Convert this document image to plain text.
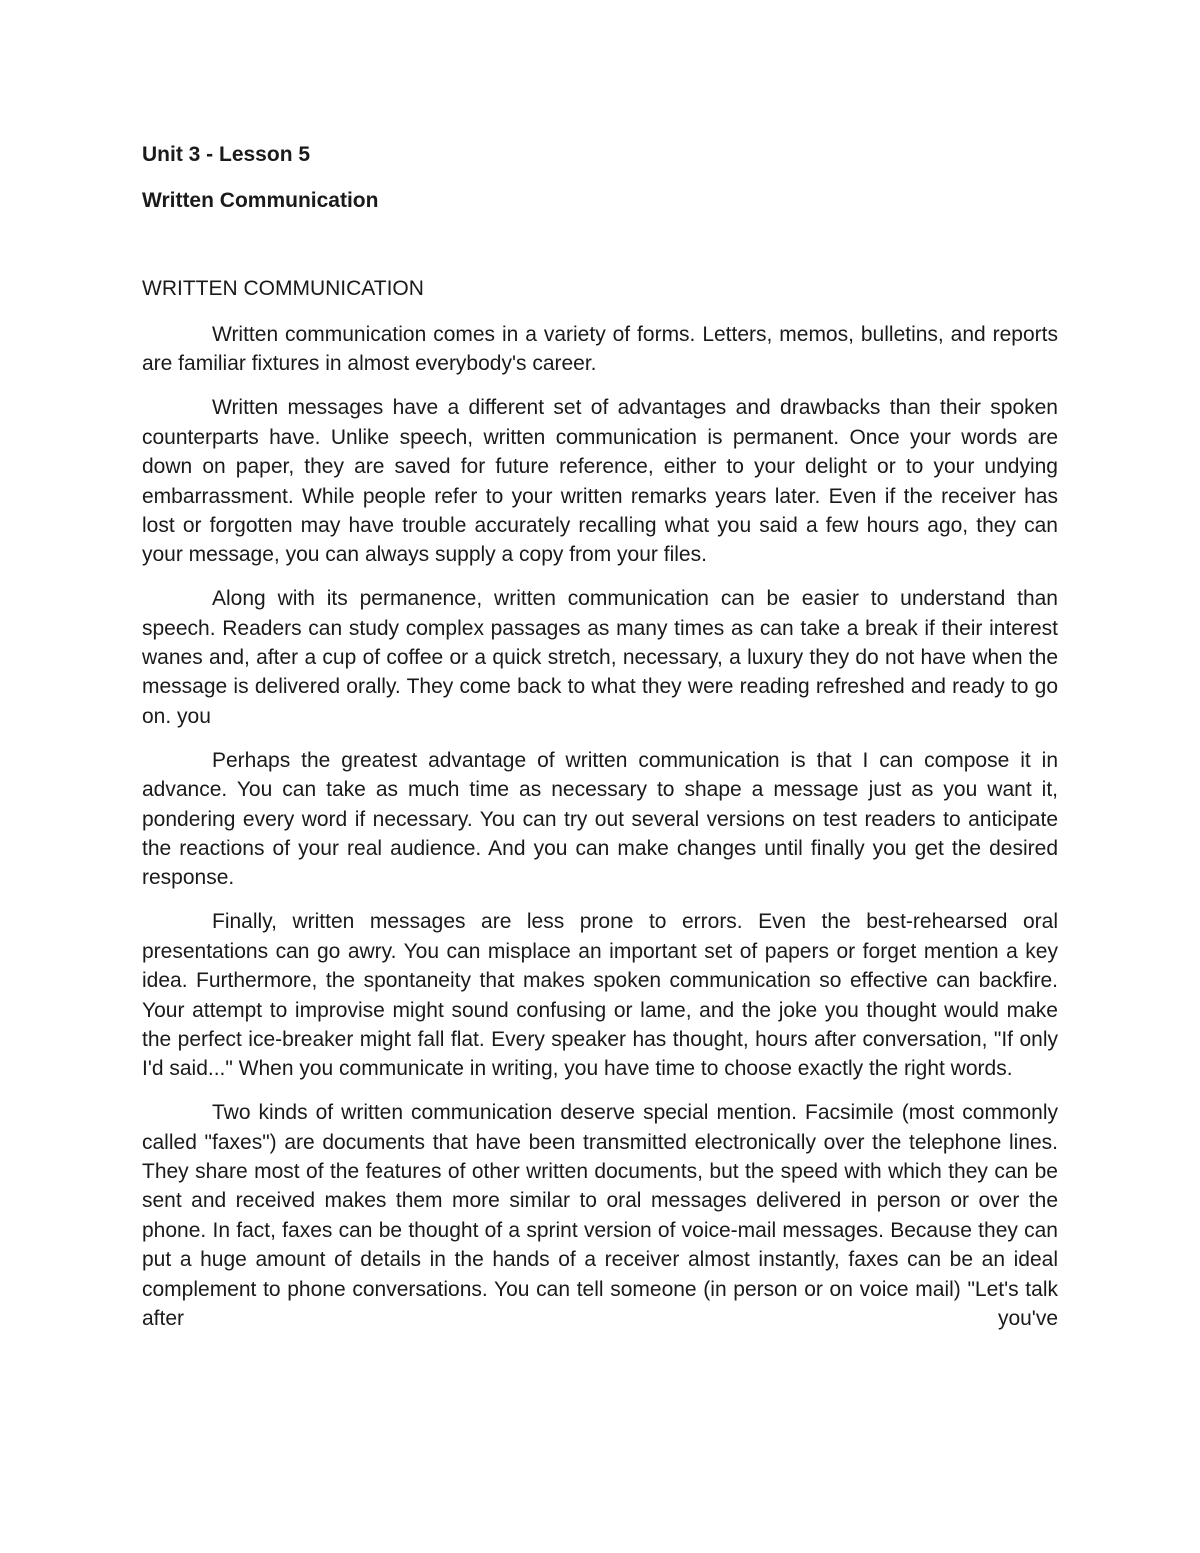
Unit 3 - Lesson 5
Written Communication
WRITTEN COMMUNICATION

Written communication comes in a variety of forms. Letters, memos, bulletins, and reports are familiar fixtures in almost everybody's career.

Written messages have a different set of advantages and drawbacks than their spoken counterparts have. Unlike speech, written communication is permanent. Once your words are down on paper, they are saved for future reference, either to your delight or to your undying embarrassment. While people refer to your written remarks years later. Even if the receiver has lost or forgotten may have trouble accurately recalling what you said a few hours ago, they can your message, you can always supply a copy from your files.

Along with its permanence, written communication can be easier to understand than speech. Readers can study complex passages as many times as can take a break if their interest wanes and, after a cup of coffee or a quick stretch, necessary, a luxury they do not have when the message is delivered orally. They come back to what they were reading refreshed and ready to go on. you

Perhaps the greatest advantage of written communication is that I can compose it in advance. You can take as much time as necessary to shape a message just as you want it, pondering every word if necessary. You can try out several versions on test readers to anticipate the reactions of your real audience. And you can make changes until finally you get the desired response.

Finally, written messages are less prone to errors. Even the best-rehearsed oral presentations can go awry. You can misplace an important set of papers or forget mention a key idea. Furthermore, the spontaneity that makes spoken communication so effective can backfire. Your attempt to improvise might sound confusing or lame, and the joke you thought would make the perfect ice-breaker might fall flat. Every speaker has thought, hours after conversation, "If only I'd said..." When you communicate in writing, you have time to choose exactly the right words.

Two kinds of written communication deserve special mention. Facsimile (most commonly called "faxes") are documents that have been transmitted electronically over the telephone lines. They share most of the features of other written documents, but the speed with which they can be sent and received makes them more similar to oral messages delivered in person or over the phone. In fact, faxes can be thought of a sprint version of voice-mail messages. Because they can put a huge amount of details in the hands of a receiver almost instantly, faxes can be an ideal complement to phone conversations. You can tell someone (in person or on voice mail) "Let's talk after you've
